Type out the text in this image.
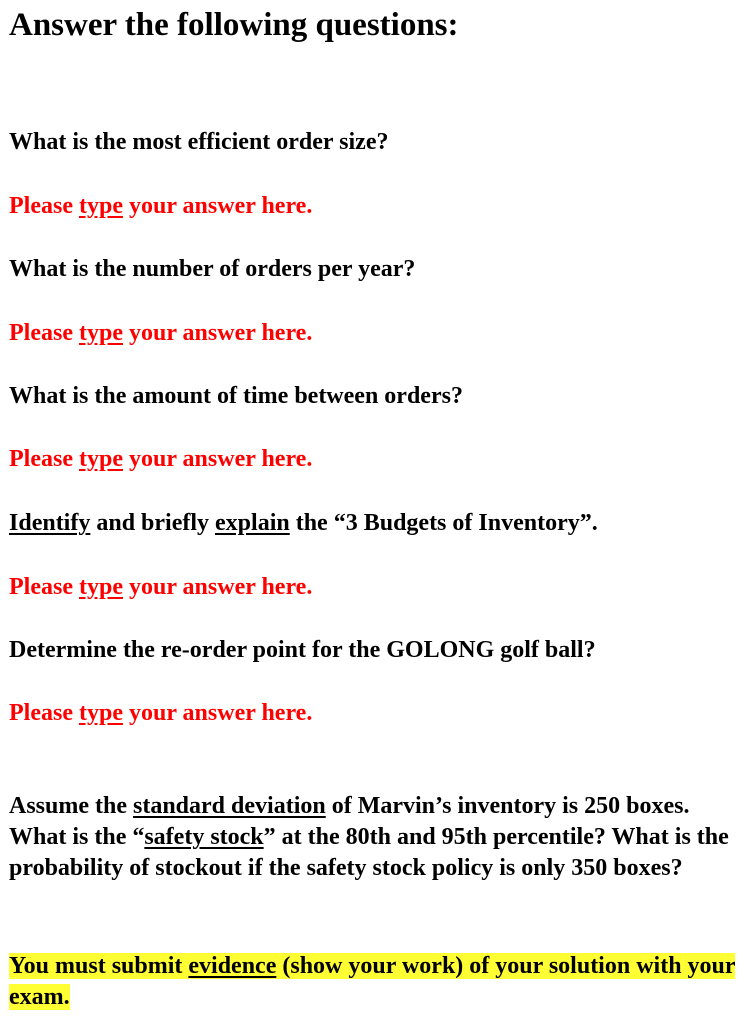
Answer the following questions:
What is the most efficient order size?
Please type your answer here.
What is the number of orders per year?
Please type your answer here.
What is the amount of time between orders?
Please type your answer here.
Identify and briefly explain the “3 Budgets of Inventory”.
Please type your answer here.
Determine the re-order point for the GOLONG golf ball?
Please type your answer here.
Assume the standard deviation of Marvin’s inventory is 250 boxes. What is the “safety stock” at the 80th and 95th percentile? What is the probability of stockout if the safety stock policy is only 350 boxes?
You must submit evidence (show your work) of your solution with your exam.
